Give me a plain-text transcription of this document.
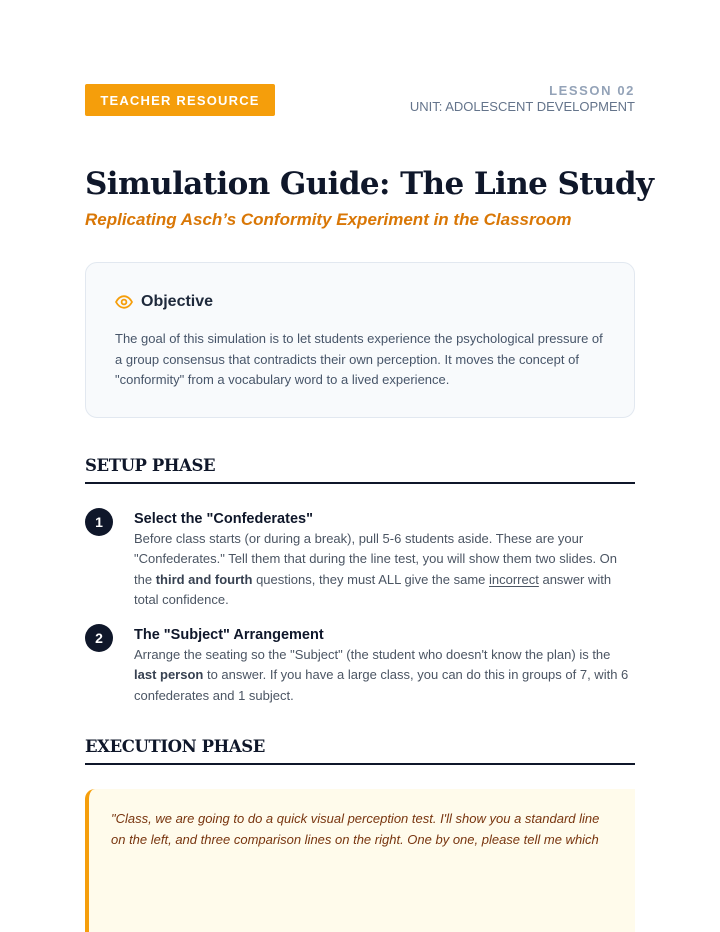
TEACHER RESOURCE
LESSON 02
UNIT: ADOLESCENT DEVELOPMENT
Simulation Guide: The Line Study
Replicating Asch’s Conformity Experiment in the Classroom
Objective

The goal of this simulation is to let students experience the psychological pressure of a group consensus that contradicts their own perception. It moves the concept of "conformity" from a vocabulary word to a lived experience.

SETUP PHASE
1	Select the "Confederates"

Before class starts (or during a break), pull 5-6 students aside. These are your "Confederates." Tell them that during the line test, you will show them two slides. On the third and fourth questions, they must ALL give the same incorrect answer with total confidence.

2	The "Subject" Arrangement

Arrange the seating so the "Subject" (the student who doesn't know the plan) is the last person to answer. If you have a large class, you can do this in groups of 7, with 6 confederates and 1 subject.

EXECUTION PHASE

"Class, we are going to do a quick visual perception test. I'll show you a standard line on the left, and three comparison lines on the right. One by one, please tell me which
